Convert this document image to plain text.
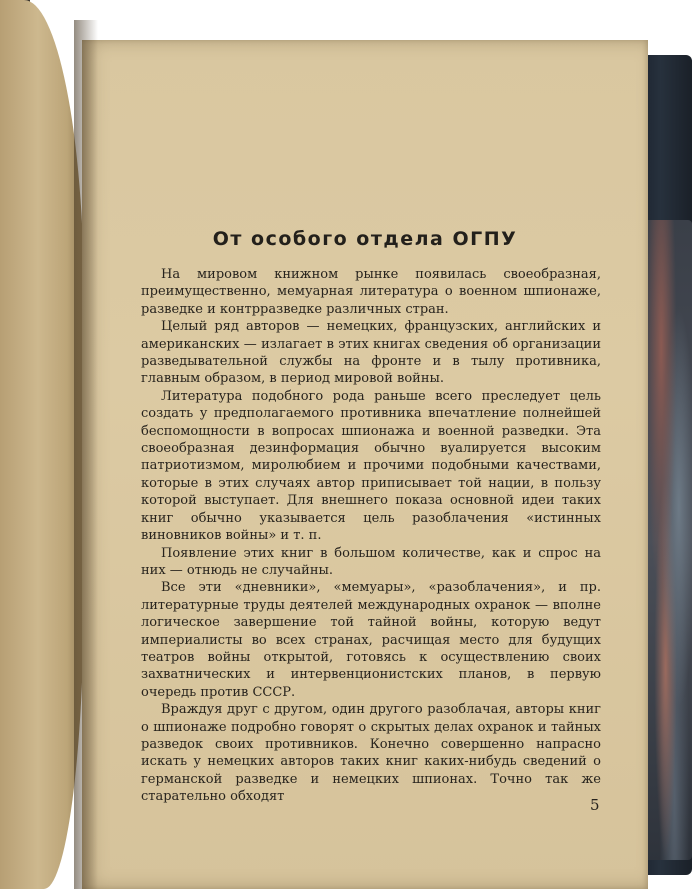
От особого отдела ОГПУ

На мировом книжном рынке появилась своеобразная, преимущественно, мемуарная литература о военном шпионаже, разведке и контрразведке различных стран.

Целый ряд авторов — немецких, французских, английских и американских — излагает в этих книгах сведения об организации разведывательной службы на фронте и в тылу противника, главным образом, в период мировой войны.

Литература подобного рода раньше всего преследует цель создать у предполагаемого противника впечатление полнейшей беспомощности в вопросах шпионажа и военной разведки. Эта своеобразная дезинформация обычно вуалируется высоким патриотизмом, миролюбием и прочими подобными качествами, которые в этих случаях автор приписывает той нации, в пользу которой выступает. Для внешнего показа основной идеи таких книг обычно указывается цель разоблачения «истинных виновников войны» и т. п.

Появление этих книг в большом количестве, как и спрос на них — отнюдь не случайны.

Все эти «дневники», «мемуары», «разоблачения», и пр. литературные труды деятелей международных охранок — вполне логическое завершение той тайной войны, которую ведут империалисты во всех странах, расчищая место для будущих театров войны открытой, готовясь к осуществлению своих захватнических и интервенционистских планов, в первую очередь против СССР.

Враждуя друг с другом, один другого разоблачая, авторы книг о шпионаже подробно говорят о скрытых делах охранок и тайных разведок своих противников. Конечно совершенно напрасно искать у немецких авторов таких книг каких-нибудь сведений о германской разведке и немецких шпионах. Точно так же старательно обходят	5
